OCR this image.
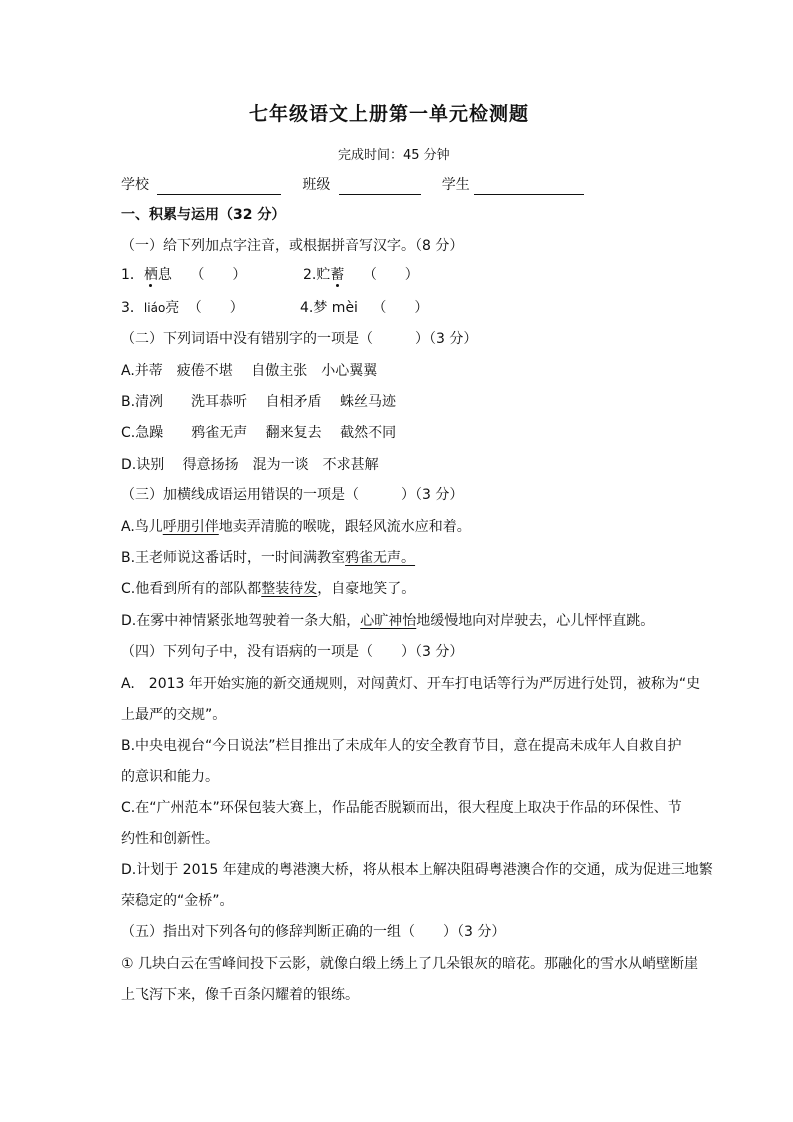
七年级语文上册第一单元检测题
完成时间：45 分钟
学校	班级	学生
一、积累与运用（32 分）
（一）给下列加点字注音，或根据拼音写汉字。（8 分）
1．栖息 （　　）	2.贮蓄 （　　）
3．liáo亮 （　　）	4.梦 mèi （　　）
（二）下列词语中没有错别字的一项是（　　　）（3 分）
A.并蒂　疲倦不堪　 自傲主张　小心翼翼
B.清冽　　洗耳恭听　 自相矛盾　 蛛丝马迹
C.急躁　　鸦雀无声　 翻来复去　 截然不同
D.诀别　 得意扬扬　混为一谈　不求甚解
（三）加横线成语运用错误的一项是（　　　）（3 分）
A.鸟儿呼朋引伴地卖弄清脆的喉咙，跟轻风流水应和着。
B.王老师说这番话时，一时间满教室鸦雀无声。
C.他看到所有的部队都整装待发，自豪地笑了。
D.在雾中神情紧张地驾驶着一条大船，心旷神怡地缓慢地向对岸驶去，心儿怦怦直跳。
（四）下列句子中，没有语病的一项是（　　）（3 分）
A.　2013 年开始实施的新交通规则，对闯黄灯、开车打电话等行为严厉进行处罚，被称为“史
上最严的交规”。
B.中央电视台“今日说法”栏目推出了未成年人的安全教育节目，意在提高未成年人自救自护
的意识和能力。
C.在“广州范本”环保包装大赛上，作品能否脱颖而出，很大程度上取决于作品的环保性、节
约性和创新性。
D.计划于 2015 年建成的粤港澳大桥，将从根本上解决阻碍粤港澳合作的交通，成为促进三地繁
荣稳定的“金桥”。
（五）指出对下列各句的修辞判断正确的一组（　　）（3 分）
① 几块白云在雪峰间投下云影，就像白缎上绣上了几朵银灰的暗花。那融化的雪水从峭壁断崖
上飞泻下来，像千百条闪耀着的银练。
